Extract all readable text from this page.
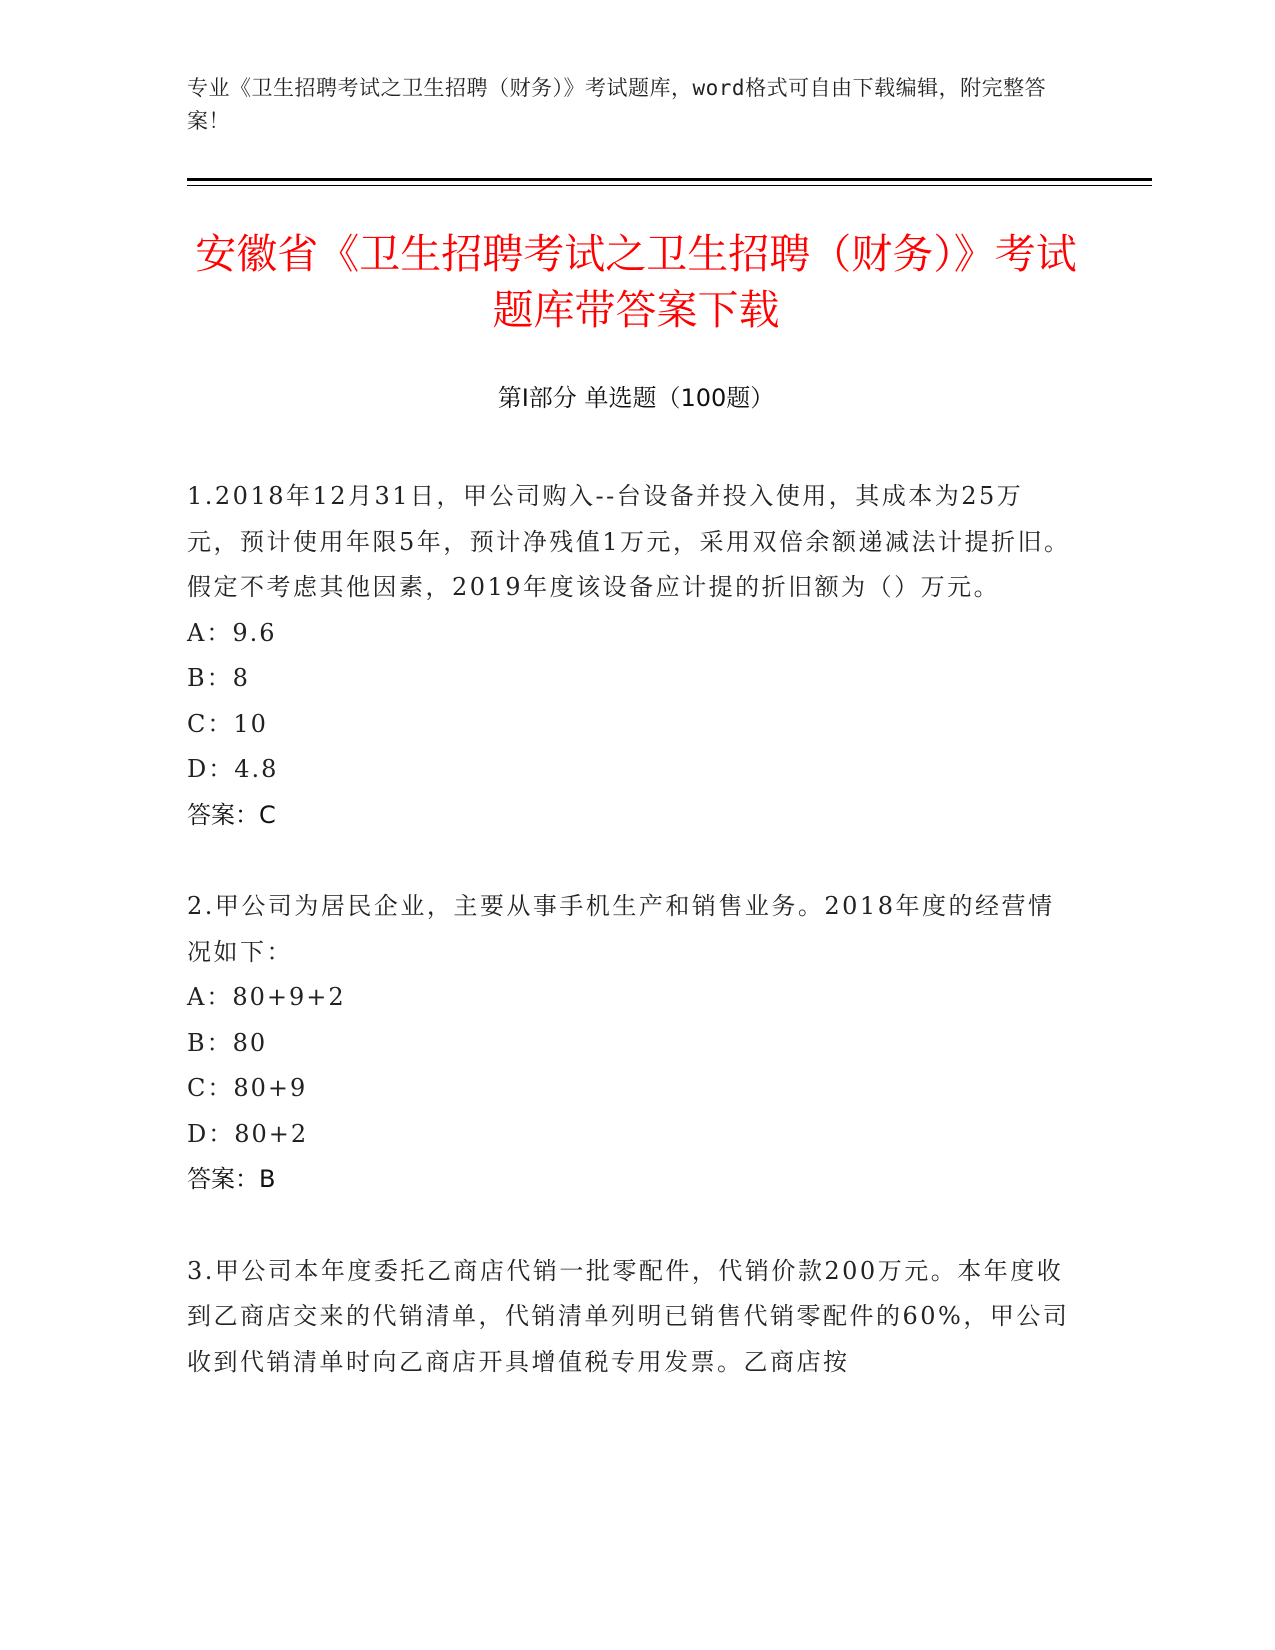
专业《卫生招聘考试之卫生招聘（财务）》考试题库，word格式可自由下载编辑，附完整答案！
安徽省《卫生招聘考试之卫生招聘（财务）》考试题库带答案下载
第Ⅰ部分 单选题（100题）
1.2018年12月31日，甲公司购入--台设备并投入使用，其成本为25万元，预计使用年限5年，预计净残值1万元，采用双倍余额递减法计提折旧。假定不考虑其他因素，2019年度该设备应计提的折旧额为（）万元。
A：9.6
B：8
C：10
D：4.8
答案：C
2.甲公司为居民企业，主要从事手机生产和销售业务。2018年度的经营情况如下：
A：80+9+2
B：80
C：80+9
D：80+2
答案：B
3.甲公司本年度委托乙商店代销一批零配件，代销价款200万元。本年度收到乙商店交来的代销清单，代销清单列明已销售代销零配件的60%，甲公司收到代销清单时向乙商店开具增值税专用发票。乙商店按
